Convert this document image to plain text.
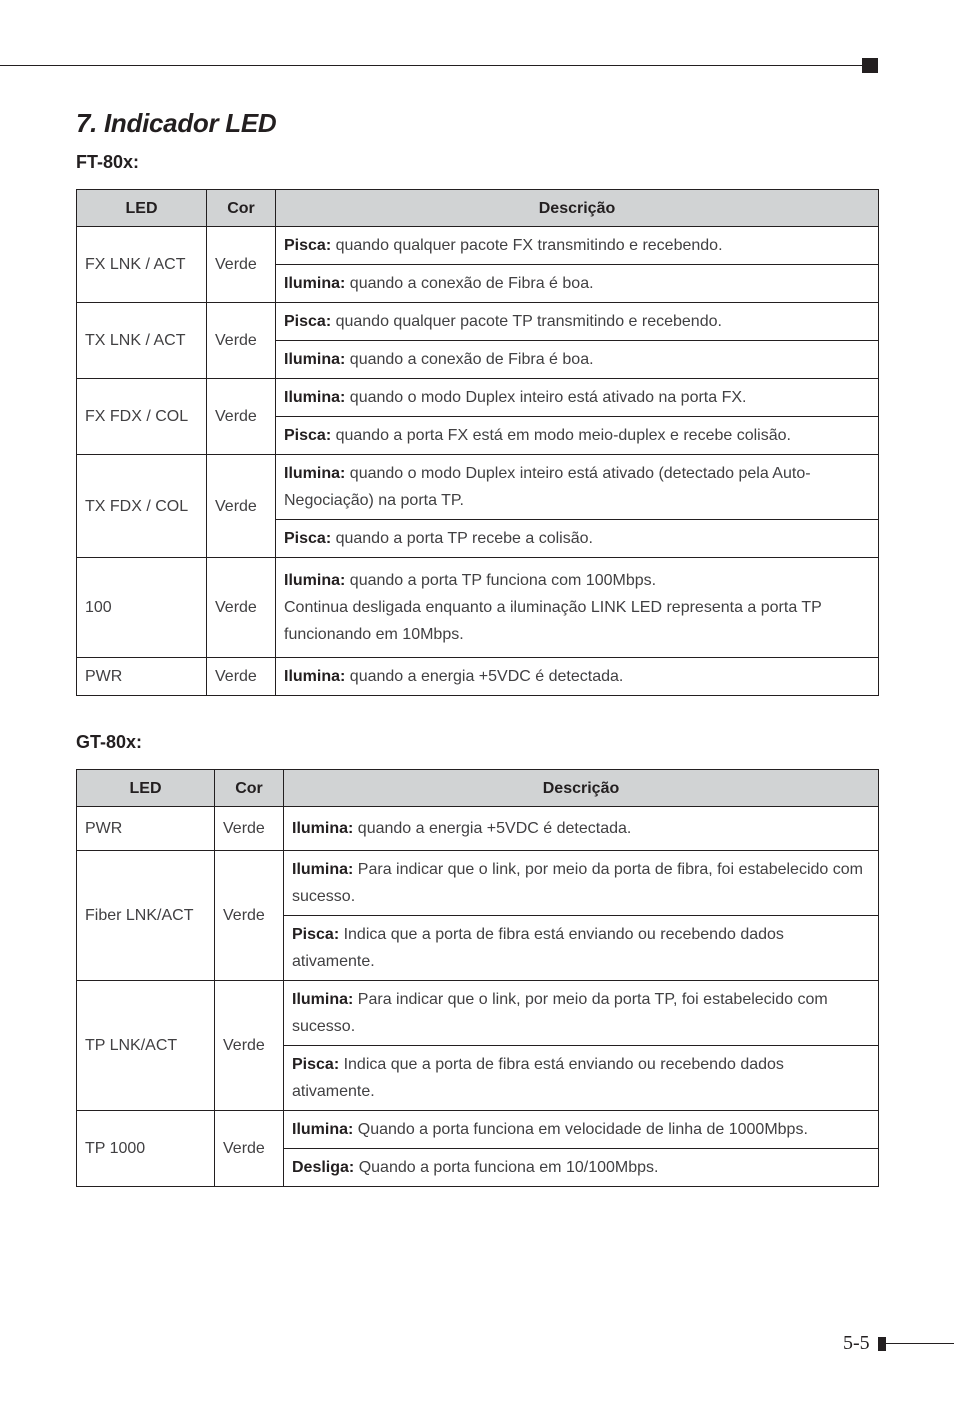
7. Indicador LED
FT-80x:
LED	Cor	Descrição
FX LNK / ACT	Verde	Pisca: quando qualquer pacote FX transmitindo e recebendo.
		Ilumina: quando a conexão de Fibra é boa.
TX LNK / ACT	Verde	Pisca: quando qualquer pacote TP transmitindo e recebendo.
		Ilumina: quando a conexão de Fibra é boa.
FX FDX / COL	Verde	Ilumina: quando o modo Duplex inteiro está ativado na porta FX.
		Pisca: quando a porta FX está em modo meio-duplex e recebe colisão.
TX FDX / COL	Verde	Ilumina: quando o modo Duplex inteiro está ativado (detectado pela Auto-Negociação) na porta TP.
		Pisca: quando a porta TP recebe a colisão.
100	Verde	Ilumina: quando a porta TP funciona com 100Mbps.
Continua desligada enquanto a iluminação LINK LED representa a porta TP funcionando em 10Mbps.
PWR	Verde	Ilumina: quando a energia +5VDC é detectada.
GT-80x:
LED	Cor	Descrição
PWR	Verde	Ilumina: quando a energia +5VDC é detectada.
Fiber LNK/ACT	Verde	Ilumina: Para indicar que o link, por meio da porta de fibra, foi estabelecido com sucesso.
		Pisca: Indica que a porta de fibra está enviando ou recebendo dados ativamente.
TP LNK/ACT	Verde	Ilumina: Para indicar que o link, por meio da porta TP, foi estabelecido com sucesso.
		Pisca: Indica que a porta de fibra está enviando ou recebendo dados ativamente.
TP 1000	Verde	Ilumina: Quando a porta funciona em velocidade de linha de 1000Mbps.
		Desliga: Quando a porta funciona em 10/100Mbps.
5-5
